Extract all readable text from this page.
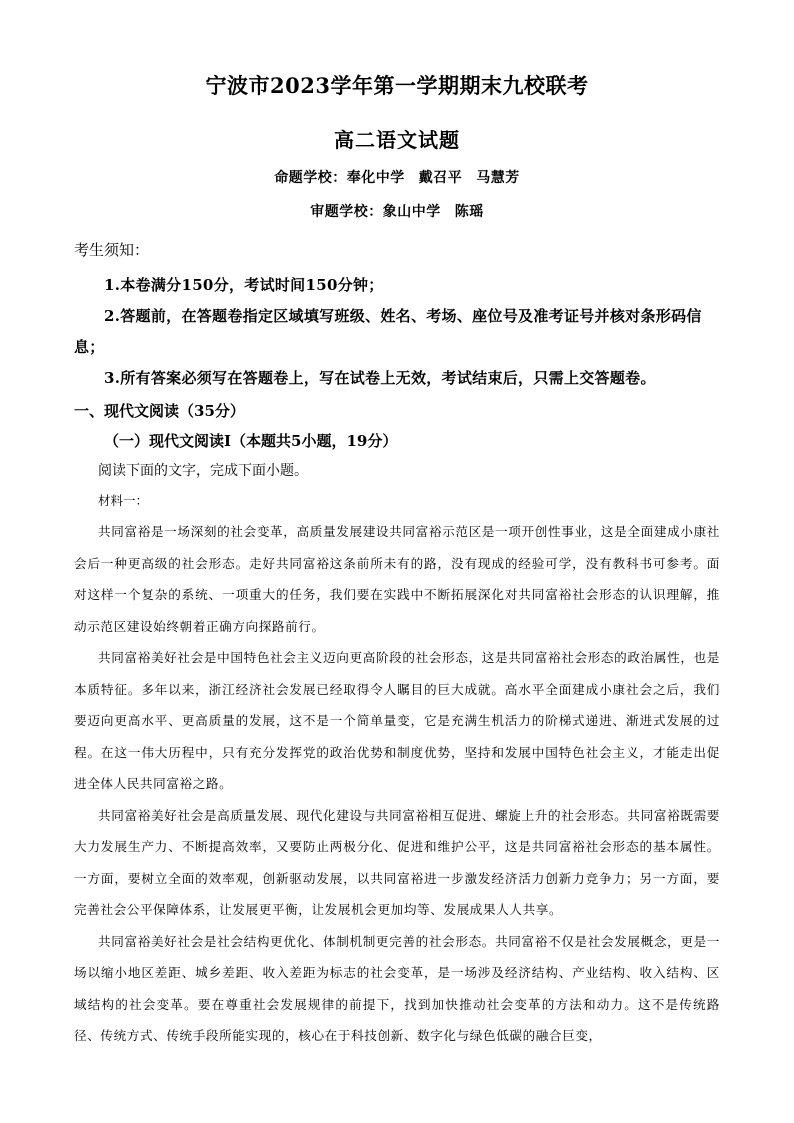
宁波市2023学年第一学期期末九校联考
高二语文试题
命题学校：奉化中学 戴召平 马慧芳
审题学校：象山中学 陈瑶
考生须知：

1.本卷满分150分，考试时间150分钟；

2.答题前，在答题卷指定区域填写班级、姓名、考场、座位号及准考证号并核对条形码信息；

3.所有答案必须写在答题卷上，写在试卷上无效，考试结束后，只需上交答题卷。

一、现代文阅读（35分）
（一）现代文阅读Ⅰ（本题共5小题，19分）

阅读下面的文字，完成下面小题。

材料一：

共同富裕是一场深刻的社会变革，高质量发展建设共同富裕示范区是一项开创性事业，这是全面建成小康社会后一种更高级的社会形态。走好共同富裕这条前所未有的路，没有现成的经验可学，没有教科书可参考。面对这样一个复杂的系统、一项重大的任务，我们要在实践中不断拓展深化对共同富裕社会形态的认识理解，推动示范区建设始终朝着正确方向探路前行。

共同富裕美好社会是中国特色社会主义迈向更高阶段的社会形态，这是共同富裕社会形态的政治属性，也是本质特征。多年以来，浙江经济社会发展已经取得令人瞩目的巨大成就。高水平全面建成小康社会之后，我们要迈向更高水平、更高质量的发展，这不是一个简单量变，它是充满生机活力的阶梯式递进、渐进式发展的过程。在这一伟大历程中，只有充分发挥党的政治优势和制度优势，坚持和发展中国特色社会主义，才能走出促进全体人民共同富裕之路。

共同富裕美好社会是高质量发展、现代化建设与共同富裕相互促进、螺旋上升的社会形态。共同富裕既需要大力发展生产力、不断提高效率，又要防止两极分化、促进和维护公平，这是共同富裕社会形态的基本属性。一方面，要树立全面的效率观，创新驱动发展，以共同富裕进一步激发经济活力创新力竞争力；另一方面，要完善社会公平保障体系，让发展更平衡，让发展机会更加均等、发展成果人人共享。

共同富裕美好社会是社会结构更优化、体制机制更完善的社会形态。共同富裕不仅是社会发展概念，更是一场以缩小地区差距、城乡差距、收入差距为标志的社会变革，是一场涉及经济结构、产业结构、收入结构、区域结构的社会变革。要在尊重社会发展规律的前提下，找到加快推动社会变革的方法和动力。这不是传统路径、传统方式、传统手段所能实现的，核心在于科技创新、数字化与绿色低碳的融合巨变，
